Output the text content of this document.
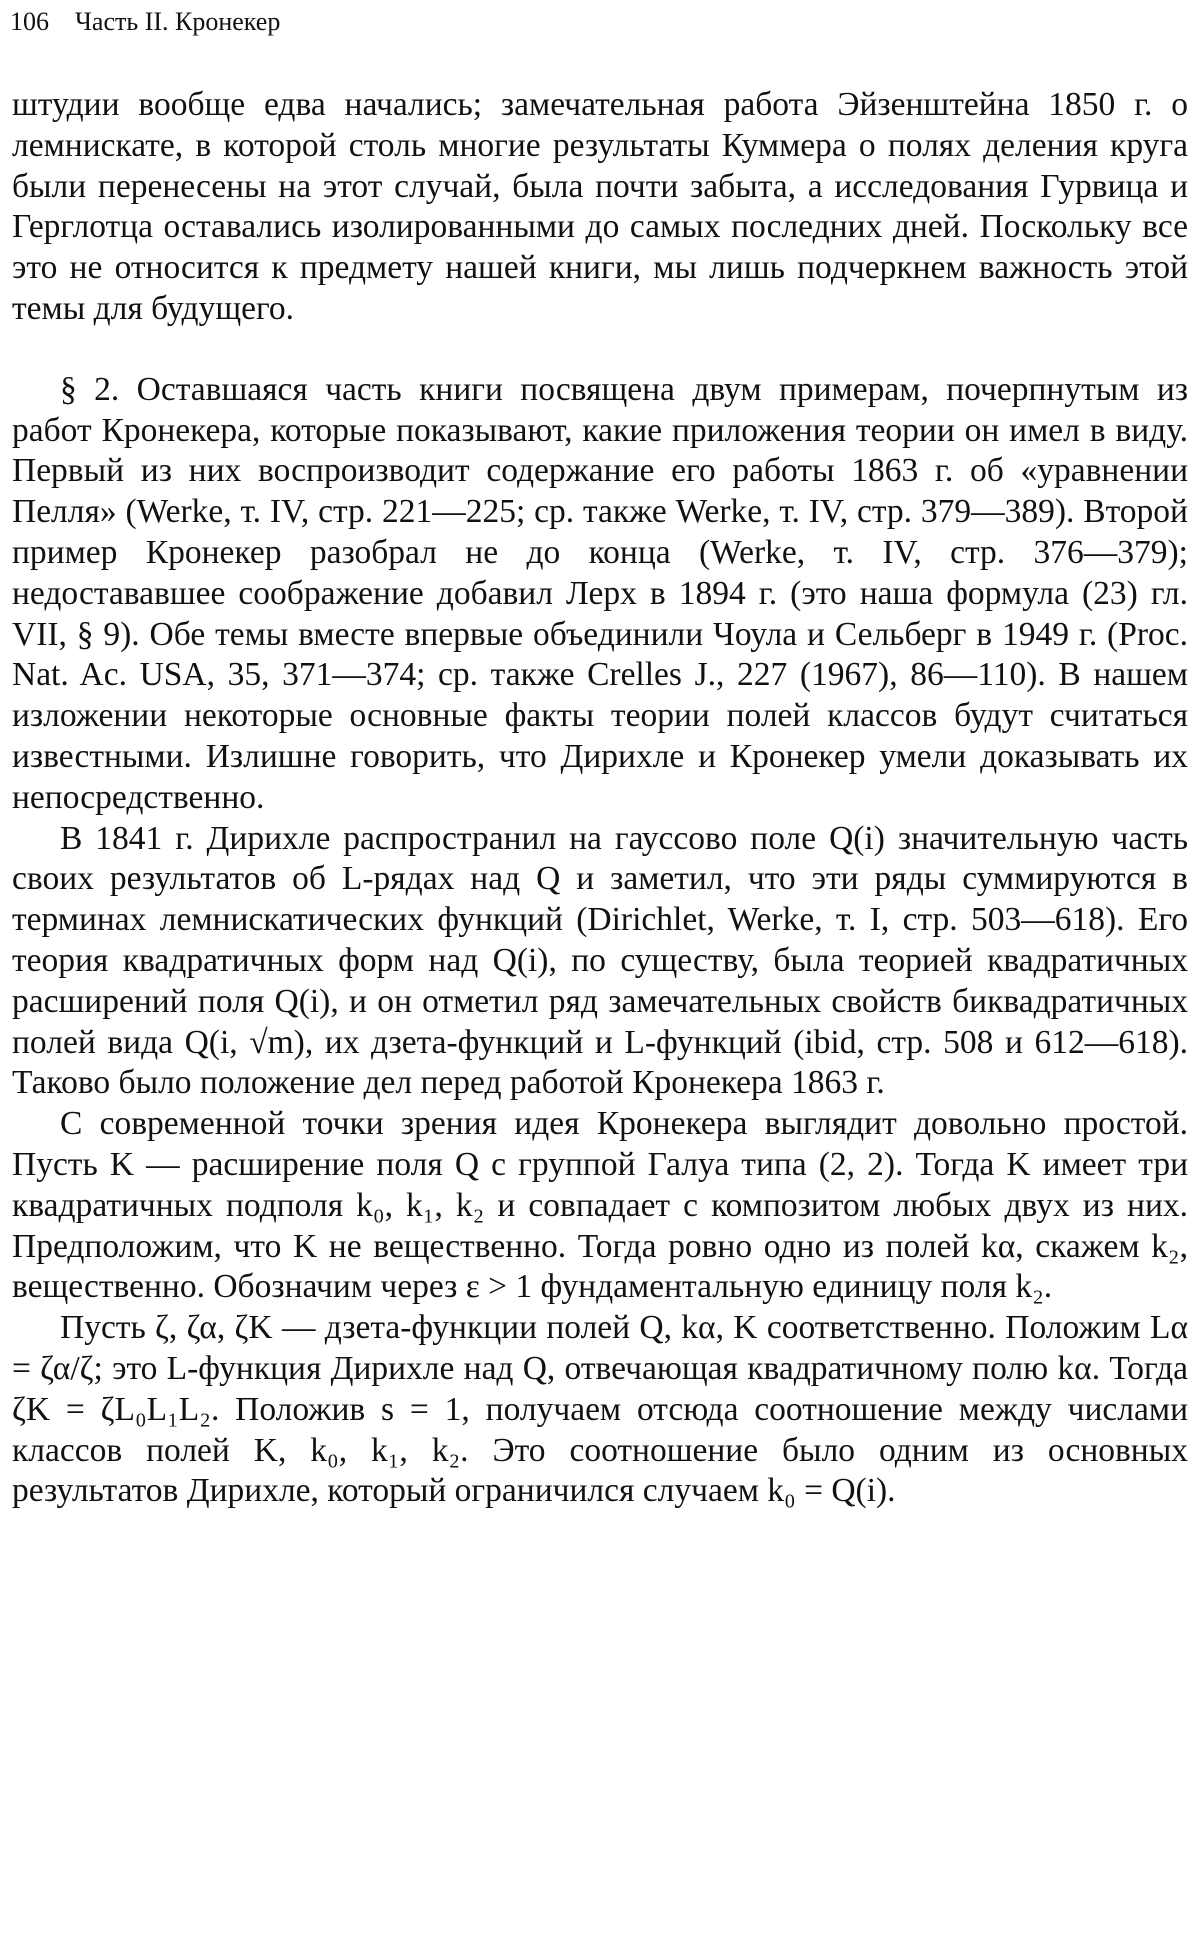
106 Часть II. Кронекер

штудии вообще едва начались; замечательная работа Эйзенштейна 1850 г. о лемнискате, в которой столь многие результаты Куммера о полях деления круга были перенесены на этот случай, была почти забыта, а исследования Гурвица и Герглотца оставались изолированными до самых последних дней. Поскольку все это не относится к предмету нашей книги, мы лишь подчеркнем важность этой темы для будущего.

§ 2. Оставшаяся часть книги посвящена двум примерам, почерпнутым из работ Кронекера, которые показывают, какие приложения теории он имел в виду. Первый из них воспроизводит содержание его работы 1863 г. об «уравнении Пелля» (Werke, т. IV, стр. 221—225; ср. также Werke, т. IV, стр. 379—389). Второй пример Кронекер разобрал не до конца (Werke, т. IV, стр. 376—379); недостававшее соображение добавил Лерх в 1894 г. (это наша формула (23) гл. VII, § 9). Обе темы вместе впервые объединили Чоула и Сельберг в 1949 г. (Proc. Nat. Ac. USA, 35, 371—374; ср. также Crelles J., 227 (1967), 86—110). В нашем изложении некоторые основные факты теории полей классов будут считаться известными. Излишне говорить, что Дирихле и Кронекер умели доказывать их непосредственно.

В 1841 г. Дирихле распространил на гауссово поле Q(i) значительную часть своих результатов об L-рядах над Q и заметил, что эти ряды суммируются в терминах лемнискатических функций (Dirichlet, Werke, т. I, стр. 503—618). Его теория квадратичных форм над Q(i), по существу, была теорией квадратичных расширений поля Q(i), и он отметил ряд замечательных свойств биквадратичных полей вида Q(i, √m), их дзета-функций и L-функций (ibid, стр. 508 и 612—618). Таково было положение дел перед работой Кронекера 1863 г.

С современной точки зрения идея Кронекера выглядит довольно простой. Пусть K — расширение поля Q с группой Галуа типа (2, 2). Тогда K имеет три квадратичных подполя k₀, k₁, k₂ и совпадает с композитом любых двух из них. Предположим, что K не вещественно. Тогда ровно одно из полей kα, скажем k₂, вещественно. Обозначим через ε > 1 фундаментальную единицу поля k₂.

Пусть ζ, ζα, ζK — дзета-функции полей Q, kα, K соответственно. Положим Lα = ζα/ζ; это L-функция Дирихле над Q, отвечающая квадратичному полю kα. Тогда ζK = ζL₀L₁L₂. Положив s = 1, получаем отсюда соотношение между числами классов полей K, k₀, k₁, k₂. Это соотношение было одним из основных результатов Дирихле, который ограничился случаем k₀ = Q(i).
